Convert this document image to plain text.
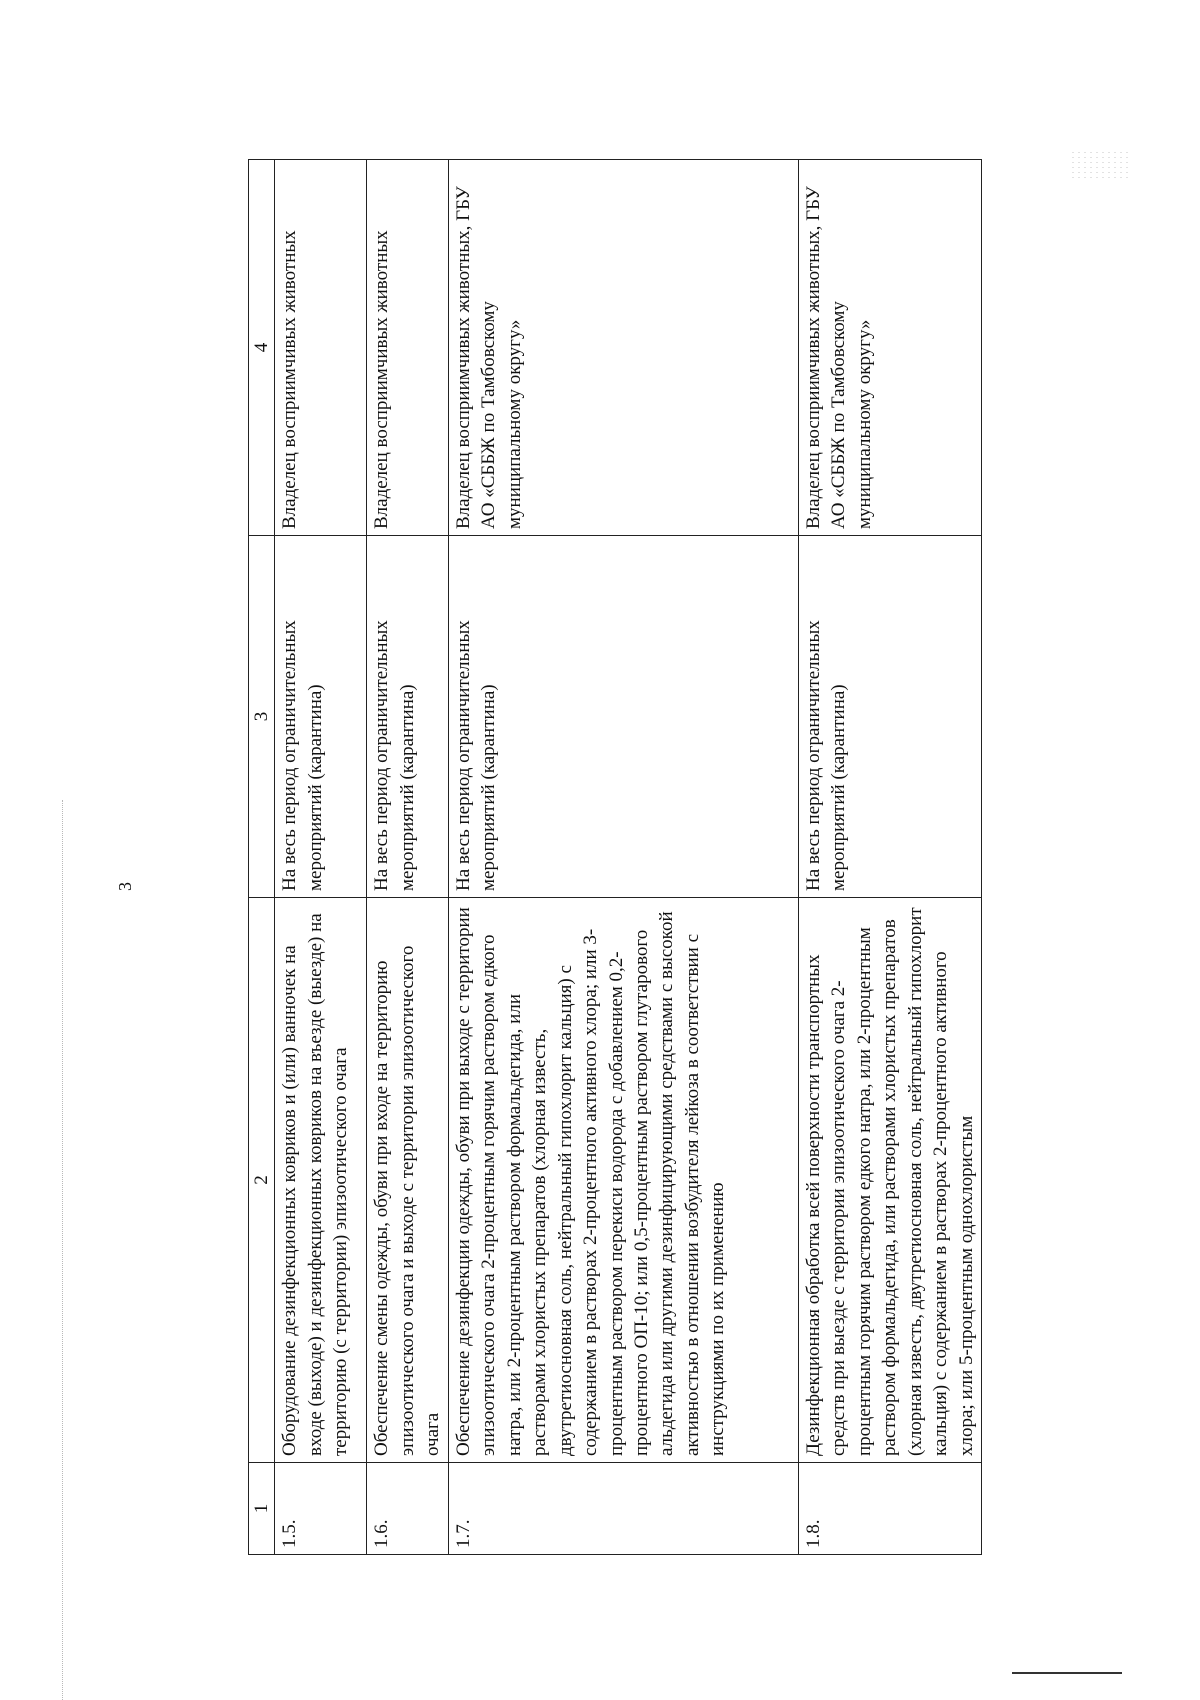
3
1	2	3	4
1.5.	Оборудование дезинфекционных ковриков и (или) ванночек на входе (выходе) и дезинфекционных ковриков на въезде (выезде) на территорию (с территории) эпизоотического очага	На весь период ограничительных мероприятий (карантина)	Владелец восприимчивых животных
1.6.	Обеспечение смены одежды, обуви при входе на территорию эпизоотического очага и выходе с территории эпизоотического очага	На весь период ограничительных мероприятий (карантина)	Владелец восприимчивых животных
1.7.	Обеспечение дезинфекции одежды, обуви при выходе с территории эпизоотического очага 2-процентным горячим раствором едкого натра, или 2-процентным раствором формальдегида, или растворами хлористых препаратов (хлорная известь, двутретиосновная соль, нейтральный гипохлорит кальция) с содержанием в растворах 2-процентного активного хлора; или 3-процентным раствором перекиси водорода с добавлением 0,2-процентного ОП-10; или 0,5-процентным раствором глутарового альдегида или другими дезинфицирующими средствами с высокой активностью в отношении возбудителя лейкоза в соответствии с инструкциями по их применению	На весь период ограничительных мероприятий (карантина)	Владелец восприимчивых животных, ГБУ АО «СББЖ по Тамбовскому муниципальному округу»
1.8.	Дезинфекционная обработка всей поверхности транспортных средств при выезде с территории эпизоотического очага 2-процентным горячим раствором едкого натра, или 2-процентным раствором формальдегида, или растворами хлористых препаратов (хлорная известь, двутретиосновная соль, нейтральный гипохлорит кальция) с содержанием в растворах 2-процентного активного хлора; или 5-процентным однохлористым	На весь период ограничительных мероприятий (карантина)	Владелец восприимчивых животных, ГБУ АО «СББЖ по Тамбовскому муниципальному округу»
